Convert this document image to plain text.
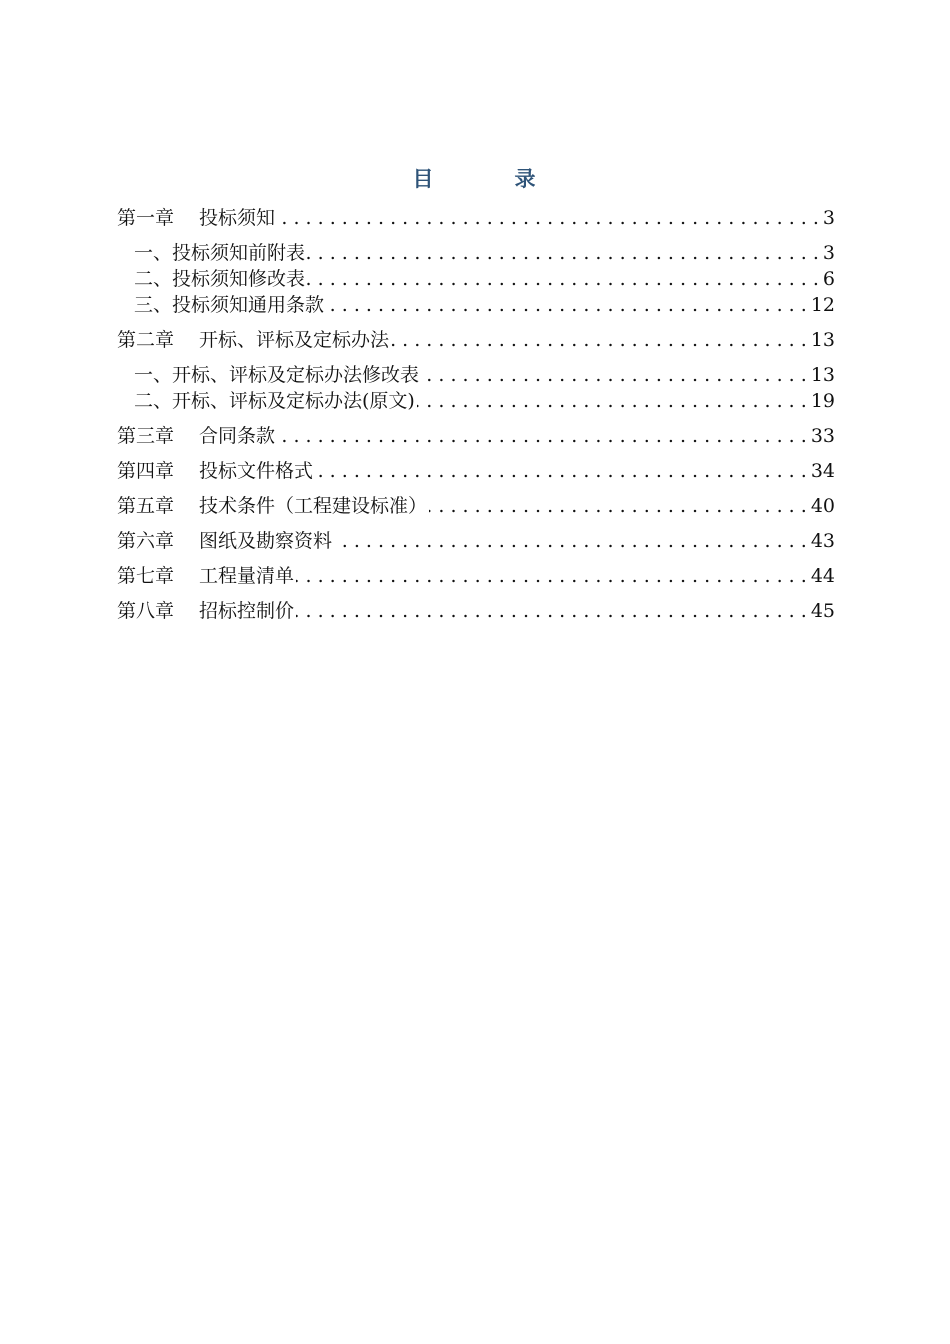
目　录
第一章 投标须知 . . .	3
一、投标须知前附表 . . .	3
二、投标须知修改表 . . .	6
三、投标须知通用条款 . . .	12
第二章 开标、评标及定标办法 . . .	13
一、开标、评标及定标办法修改表 . . .	13
二、开标、评标及定标办法(原文) . . .	19
第三章 合同条款 . . .	33
第四章 投标文件格式 . . .	34
第五章 技术条件（工程建设标准） . . .	40
第六章 图纸及勘察资料 . . .	43
第七章 工程量清单 . . .	44
第八章 招标控制价 . . .	45
